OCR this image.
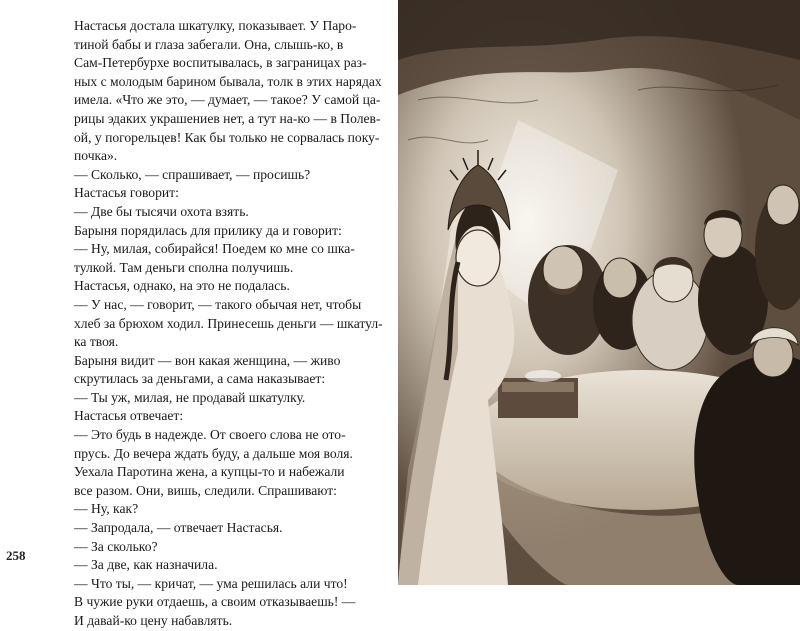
Настасья достала шкатулку, показывает. У Паро-

тиной бабы и глаза забегали. Она, слышь-ко, в

Сам-Петербурхе воспитывалась, в заграницах раз-

ных с молодым барином бывала, толк в этих нарядах

имела. «Что же это, — думает, — такое? У самой ца-

рицы эдаких украшениев нет, а тут на-ко — в Полев-

ой, у погорельцев! Как бы только не сорвалась поку-

почка».

— Сколько, — спрашивает, — просишь?

Настасья говорит:

— Две бы тысячи охота взять.

Барыня порядилась для прилику да и говорит:

— Ну, милая, собирайся! Поедем ко мне со шка-

тулкой. Там деньги сполна получишь.

Настасья, однако, на это не подалась.

— У нас, — говорит, — такого обычая нет, чтобы

хлеб за брюхом ходил. Принесешь деньги — шкатул-

ка твоя.

Барыня видит — вон какая женщина, — живо

скрутилась за деньгами, а сама наказывает:

— Ты уж, милая, не продавай шкатулку.

Настасья отвечает:

— Это будь в надежде. От своего слова не ото-

прусь. До вечера ждать буду, а дальше моя воля.

Уехала Паротина жена, а купцы-то и набежали

все разом. Они, вишь, следили. Спрашивают:

— Ну, как?

— Запродала, — отвечает Настасья.

— За сколько?

— За две, как назначила.

— Что ты, — кричат, — ума решилась али что!

В чужие руки отдаешь, а своим отказываешь! —

И давай-ко цену набавлять.

258
